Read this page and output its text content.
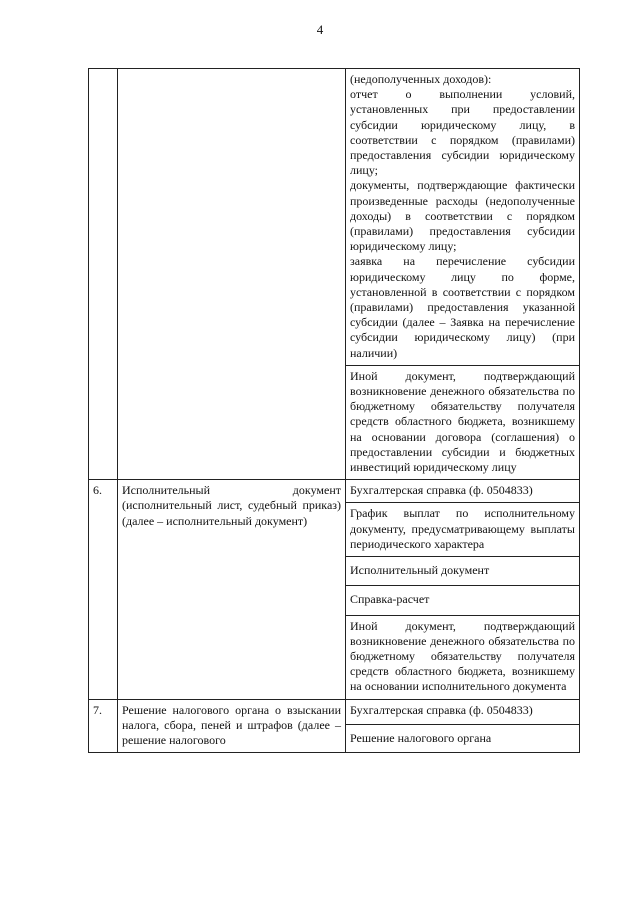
4

		(недополученных доходов):
отчет о выполнении условий, установленных при предоставлении субсидии юридическому лицу, в соответствии с порядком (правилами) предоставления субсидии юридическому лицу;
документы, подтверждающие фактически произведенные расходы (недополученные доходы) в соответствии с порядком (правилами) предоставления субсидии юридическому лицу;
заявка на перечисление субсидии юридическому лицу по форме, установленной в соответствии с порядком (правилами) предоставления указанной субсидии (далее – Заявка на перечисление субсидии юридическому лицу) (при наличии)

		Иной документ, подтверждающий возникновение денежного обязательства по бюджетному обязательству получателя средств областного бюджета, возникшему на основании договора (соглашения) о предоставлении субсидии и бюджетных инвестиций юридическому лицу

6.	Исполнительный документ (исполнительный лист, судебный приказ) (далее – исполнительный документ)	Бухгалтерская справка (ф. 0504833)
		График выплат по исполнительному документу, предусматривающему выплаты периодического характера
		Исполнительный документ
		Справка-расчет
		Иной документ, подтверждающий возникновение денежного обязательства по бюджетному обязательству получателя средств областного бюджета, возникшему на основании исполнительного документа
7.	Решение налогового органа о взыскании налога, сбора, пеней и штрафов (далее – решение налогового	Бухгалтерская справка (ф. 0504833)
		Решение налогового органа
